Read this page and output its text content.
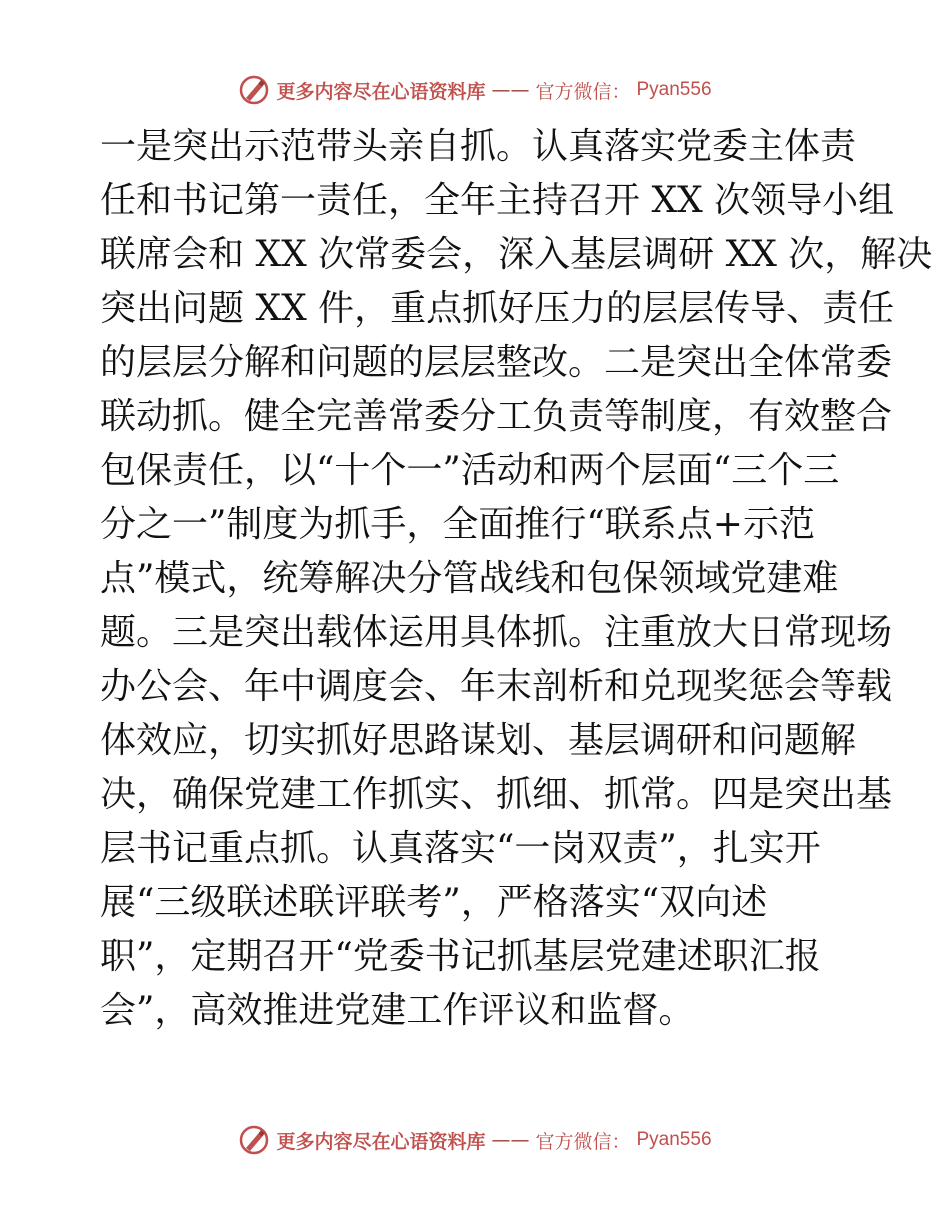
更多内容尽在心语资料库 —— 官方微信： Pyan556
一是突出示范带头亲自抓。认真落实党委主体责
任和书记第一责任，全年主持召开 XX 次领导小组
联席会和 XX 次常委会，深入基层调研 XX 次，解决
突出问题 XX 件，重点抓好压力的层层传导、责任
的层层分解和问题的层层整改。二是突出全体常委
联动抓。健全完善常委分工负责等制度，有效整合
包保责任，以“十个一”活动和两个层面“三个三
分之一”制度为抓手，全面推行“联系点+示范
点”模式，统筹解决分管战线和包保领域党建难
题。三是突出载体运用具体抓。注重放大日常现场
办公会、年中调度会、年末剖析和兑现奖惩会等载
体效应，切实抓好思路谋划、基层调研和问题解
决，确保党建工作抓实、抓细、抓常。四是突出基
层书记重点抓。认真落实“一岗双责”，扎实开
展“三级联述联评联考”，严格落实“双向述
职”，定期召开“党委书记抓基层党建述职汇报
会”，高效推进党建工作评议和监督。
更多内容尽在心语资料库 —— 官方微信： Pyan556
